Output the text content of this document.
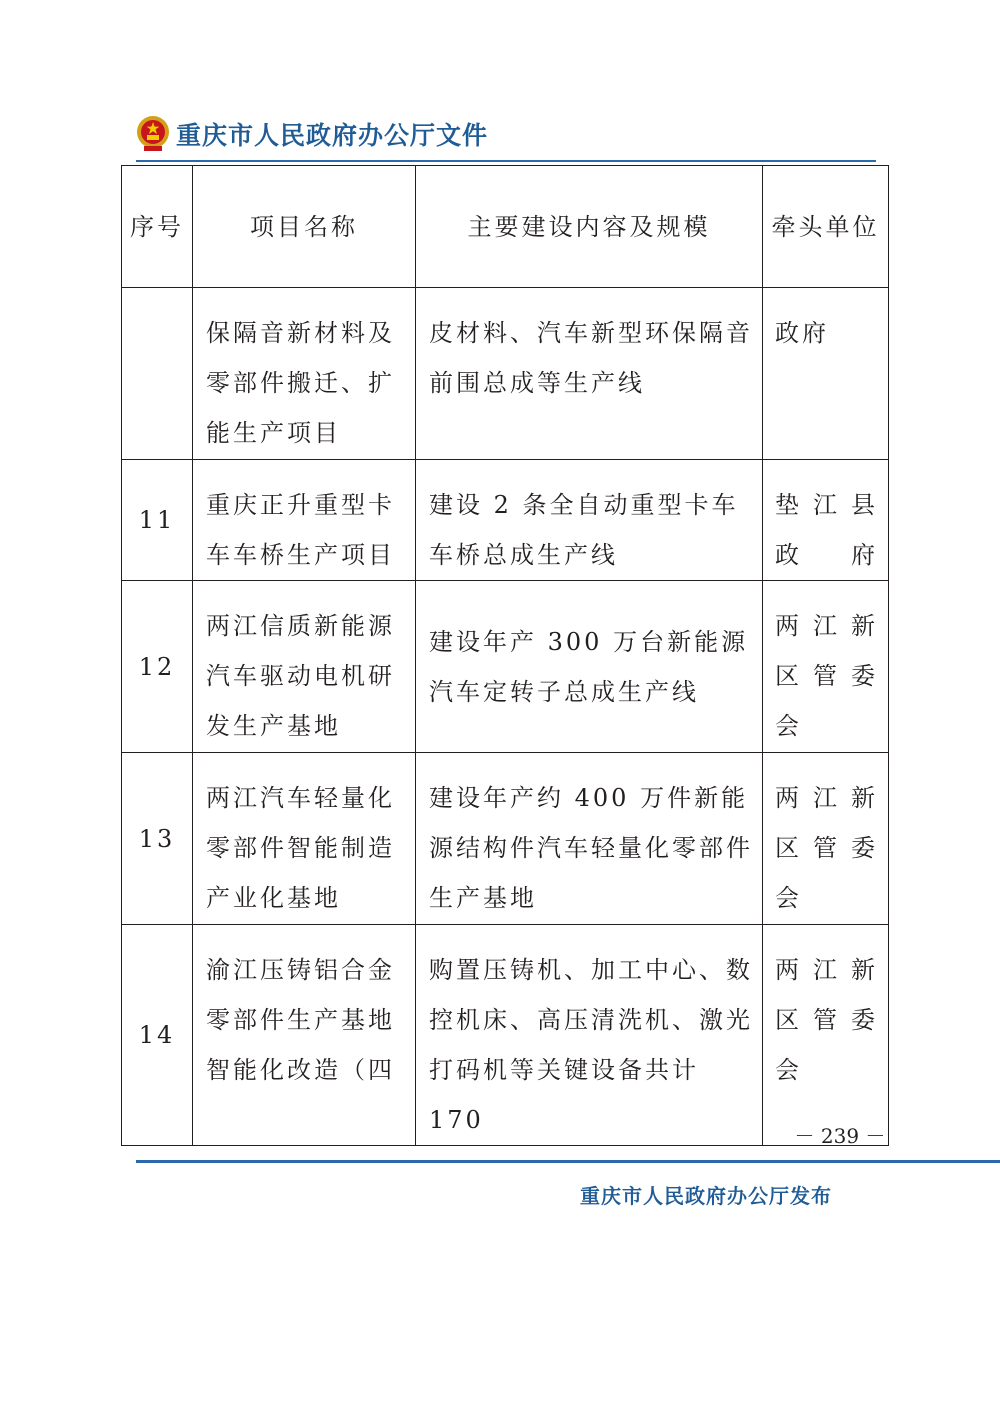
重庆市人民政府办公厅文件
序号	项目名称	主要建设内容及规模	牵头单位

	保隔音新材料及零部件搬迁、扩能生产项目	皮材料、汽车新型环保隔音前围总成等生产线	政府
11	重庆正升重型卡车车桥生产项目	建设 2 条全自动重型卡车车桥总成生产线	垫江县政府
12	两江信质新能源汽车驱动电机研发生产基地	建设年产 300 万台新能源汽车定转子总成生产线	两江新区管委会
13	两江汽车轻量化零部件智能制造产业化基地	建设年产约 400 万件新能源结构件汽车轻量化零部件生产基地	两江新区管委会
14	渝江压铸铝合金零部件生产基地智能化改造（四	购置压铸机、加工中心、数控机床、高压清洗机、激光打码机等关键设备共计 170	两江新区管委会
－ 239 －
重庆市人民政府办公厅发布
